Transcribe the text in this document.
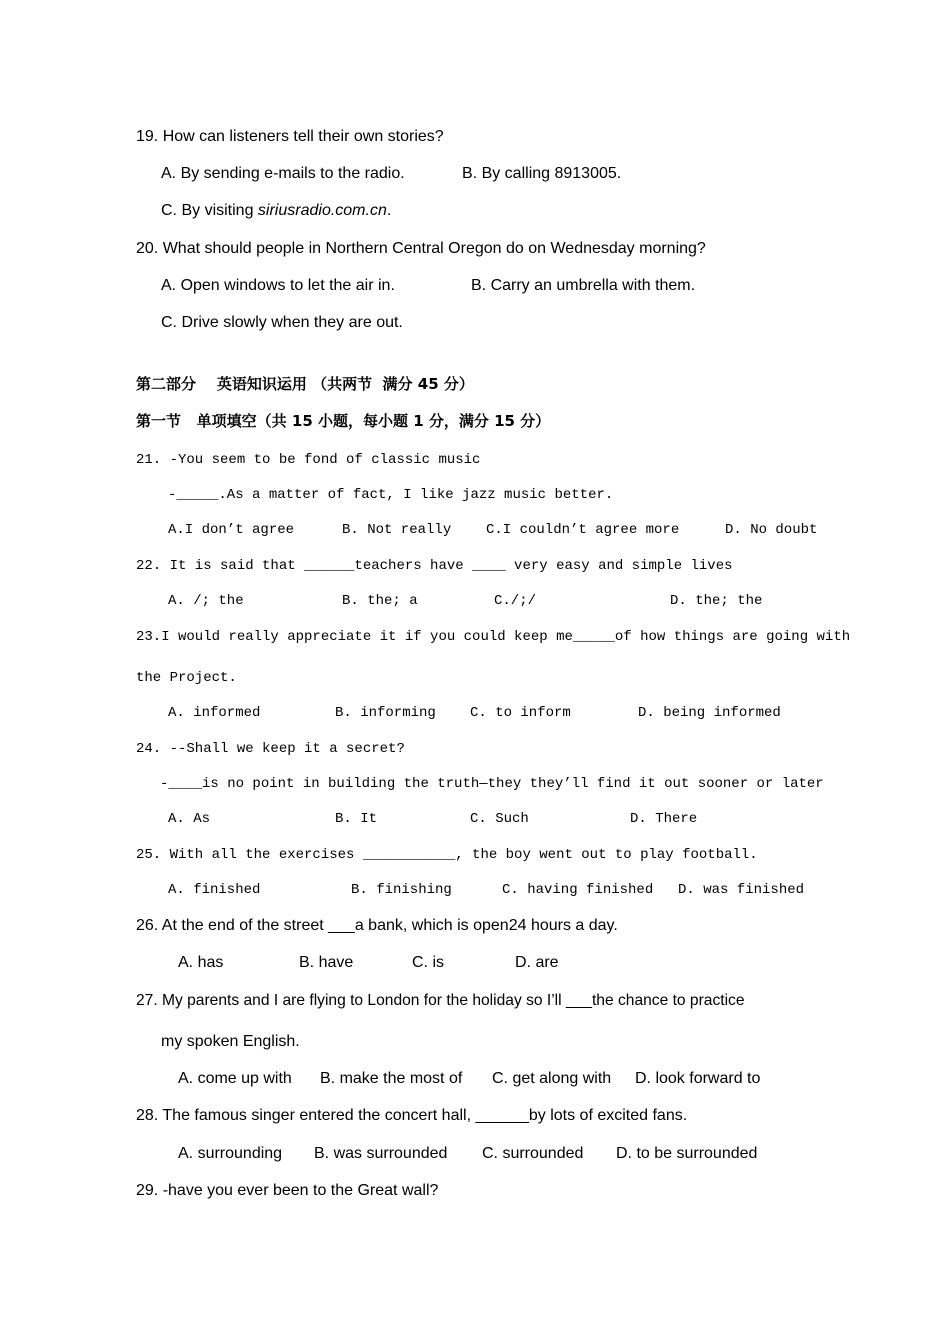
19. How can listeners tell their own stories?
A. By sending e-mails to the radio.	B. By calling 8913005.
C. By visiting siriusradio.com.cn.
20. What should people in Northern Central Oregon do on Wednesday morning?
A. Open windows to let the air in.	B. Carry an umbrella with them.
C. Drive slowly when they are out.
第二部分    英语知识运用 （共两节  满分 45 分）
第一节   单项填空（共 15 小题，每小题 1 分，满分 15 分）
21. -You seem to be fond of classic music
-_____.As a matter of fact, I like jazz music better.
A.I don’t agree	B. Not really C.I couldn’t agree more	D. No doubt
22. It is said that ______teachers have ____ very easy and simple lives
A. /; the	B. the; a	C./;/	D. the; the
23.I would really appreciate it if you could keep me_____of how things are going with
the Project.
A. informed	B. informing C. to inform	D. being informed
24. --Shall we keep it a secret?
-____is no point in building the truth—they they’ll find it out sooner or later
A. As	B. It	C. Such	D. There
25. With all the exercises ___________, the boy went out to play football.
A. finished	B. finishing	C. having finished D. was finished
26. At the end of the street ___a bank, which is open24 hours a day.
A. has	B. have	C. is	D. are
27. My parents and I are flying to London for the holiday so I’ll ___the chance to practice
my spoken English.
A. come up with B. make the most of C. get along with D. look forward to
28. The famous singer entered the concert hall, ______by lots of excited fans.
A. surrounding B. was surrounded C. surrounded D. to be surrounded
29. -have you ever been to the Great wall?
